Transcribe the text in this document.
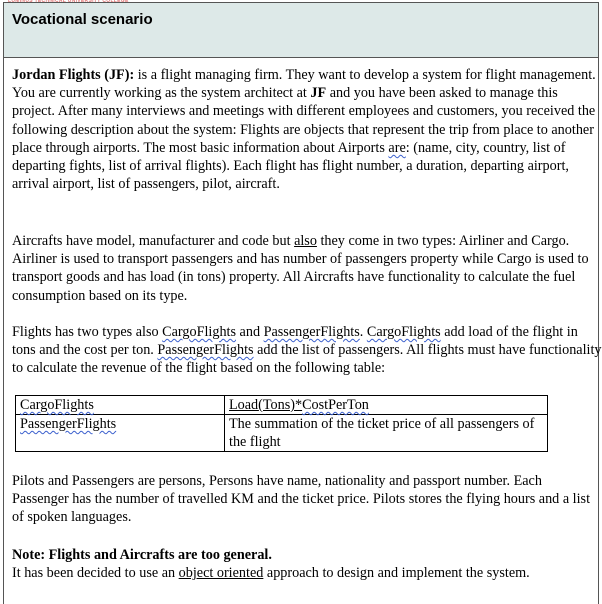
Vocational scenario

Jordan Flights (JF): is a flight managing firm. They want to develop a system for flight management. You are currently working as the system architect at JF and you have been asked to manage this project. After many interviews and meetings with different employees and customers, you received the following description about the system: Flights are objects that represent the trip from place to another place through airports. The most basic information about Airports are: (name, city, country, list of departing fights, list of arrival flights). Each flight has flight number, a duration, departing airport, arrival airport, list of passengers, pilot, aircraft.

Aircrafts have model, manufacturer and code but also they come in two types: Airliner and Cargo. Airliner is used to transport passengers and has number of passengers property while Cargo is used to transport goods and has load (in tons) property. All Aircrafts have functionality to calculate the fuel consumption based on its type.

Flights has two types also CargoFlights and PassengerFlights. CargoFlights add load of the flight in tons and the cost per ton. PassengerFlights add the list of passengers. All flights must have functionality to calculate the revenue of the flight based on the following table:

CargoFlights	Load(Tons)*CostPerTon
PassengerFlights	The summation of the ticket price of all passengers of the flight

Pilots and Passengers are persons, Persons have name, nationality and passport number. Each Passenger has the number of travelled KM and the ticket price. Pilots stores the flying hours and a list of spoken languages.

Note: Flights and Aircrafts are too general.
It has been decided to use an object oriented approach to design and implement the system.
